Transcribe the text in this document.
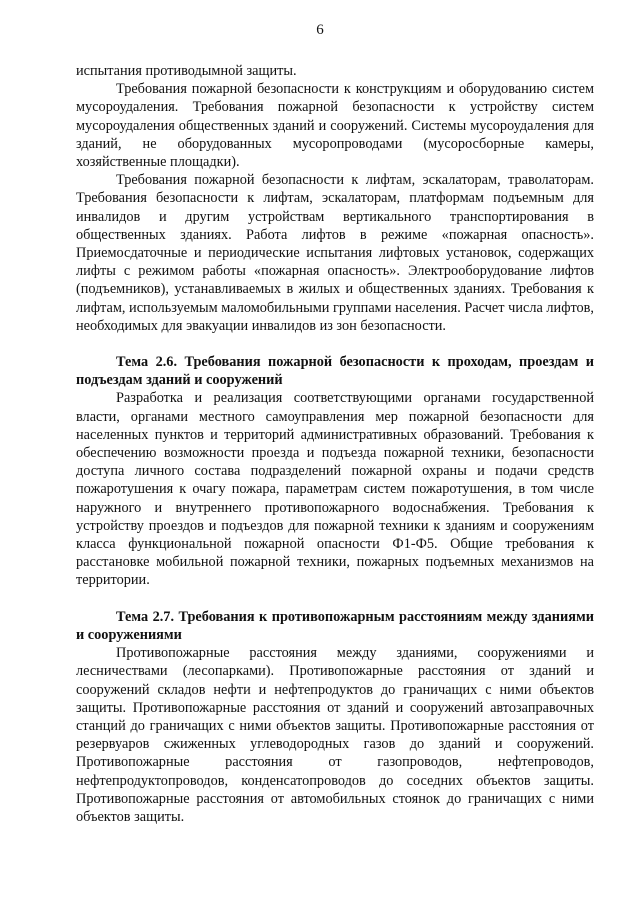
6

испытания противодымной защиты.

Требования пожарной безопасности к конструкциям и оборудованию систем мусороудаления. Требования пожарной безопасности к устройству систем мусороудаления общественных зданий и сооружений. Системы мусороудаления для зданий, не оборудованных мусоропроводами (мусоросборные камеры, хозяйственные площадки).

Требования пожарной безопасности к лифтам, эскалаторам, траволаторам. Требования безопасности к лифтам, эскалаторам, платформам подъемным для инвалидов и другим устройствам вертикального транспортирования в общественных зданиях. Работа лифтов в режиме «пожарная опасность». Приемосдаточные и периодические испытания лифтовых установок, содержащих лифты с режимом работы «пожарная опасность». Электрооборудование лифтов (подъемников), устанавливаемых в жилых и общественных зданиях. Требования к лифтам, используемым маломобильными группами населения. Расчет числа лифтов, необходимых для эвакуации инвалидов из зон безопасности.

Тема 2.6. Требования пожарной безопасности к проходам, проездам и подъездам зданий и сооружений

Разработка и реализация соответствующими органами государственной власти, органами местного самоуправления мер пожарной безопасности для населенных пунктов и территорий административных образований. Требования к обеспечению возможности проезда и подъезда пожарной техники, безопасности доступа личного состава подразделений пожарной охраны и подачи средств пожаротушения к очагу пожара, параметрам систем пожаротушения, в том числе наружного и внутреннего противопожарного водоснабжения. Требования к устройству проездов и подъездов для пожарной техники к зданиям и сооружениям класса функциональной пожарной опасности Ф1-Ф5. Общие требования к расстановке мобильной пожарной техники, пожарных подъемных механизмов на территории.

Тема 2.7. Требования к противопожарным расстояниям между зданиями и сооружениями

Противопожарные расстояния между зданиями, сооружениями и лесничествами (лесопарками). Противопожарные расстояния от зданий и сооружений складов нефти и нефтепродуктов до граничащих с ними объектов защиты. Противопожарные расстояния от зданий и сооружений автозаправочных станций до граничащих с ними объектов защиты. Противопожарные расстояния от резервуаров сжиженных углеводородных газов до зданий и сооружений. Противопожарные расстояния от газопроводов, нефтепроводов, нефтепродуктопроводов, конденсатопроводов до соседних объектов защиты. Противопожарные расстояния от автомобильных стоянок до граничащих с ними объектов защиты.
